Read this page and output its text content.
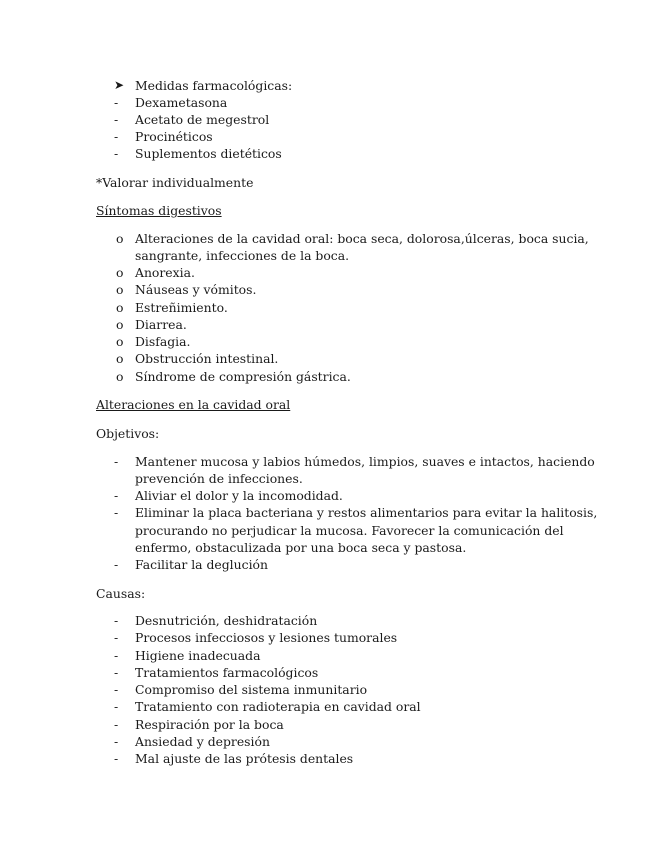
➤ Medidas farmacológicas:
-	Dexametasona
-	Acetato de megestrol
-	Procinéticos
-	Suplementos dietéticos
*Valorar individualmente
Síntomas digestivos
o Alteraciones de la cavidad oral: boca seca, dolorosa,úlceras, boca sucia,
sangrante, infecciones de la boca.
o Anorexia.
o Náuseas y vómitos.
o Estreñimiento.
o Diarrea.
o Disfagia.
o Obstrucción intestinal.
o Síndrome de compresión gástrica.
Alteraciones en la cavidad oral
Objetivos:
-	Mantener mucosa y labios húmedos, limpios, suaves e intactos, haciendo
prevención de infecciones.
-	Aliviar el dolor y la incomodidad.
-	Eliminar la placa bacteriana y restos alimentarios para evitar la halitosis,
procurando no perjudicar la mucosa. Favorecer la comunicación del
enfermo, obstaculizada por una boca seca y pastosa.
-	Facilitar la deglución
Causas:
-	Desnutrición, deshidratación
-	Procesos infecciosos y lesiones tumorales
-	Higiene inadecuada
-	Tratamientos farmacológicos
-	Compromiso del sistema inmunitario
-	Tratamiento con radioterapia en cavidad oral
-	Respiración por la boca
-	Ansiedad y depresión
-	Mal ajuste de las prótesis dentales
